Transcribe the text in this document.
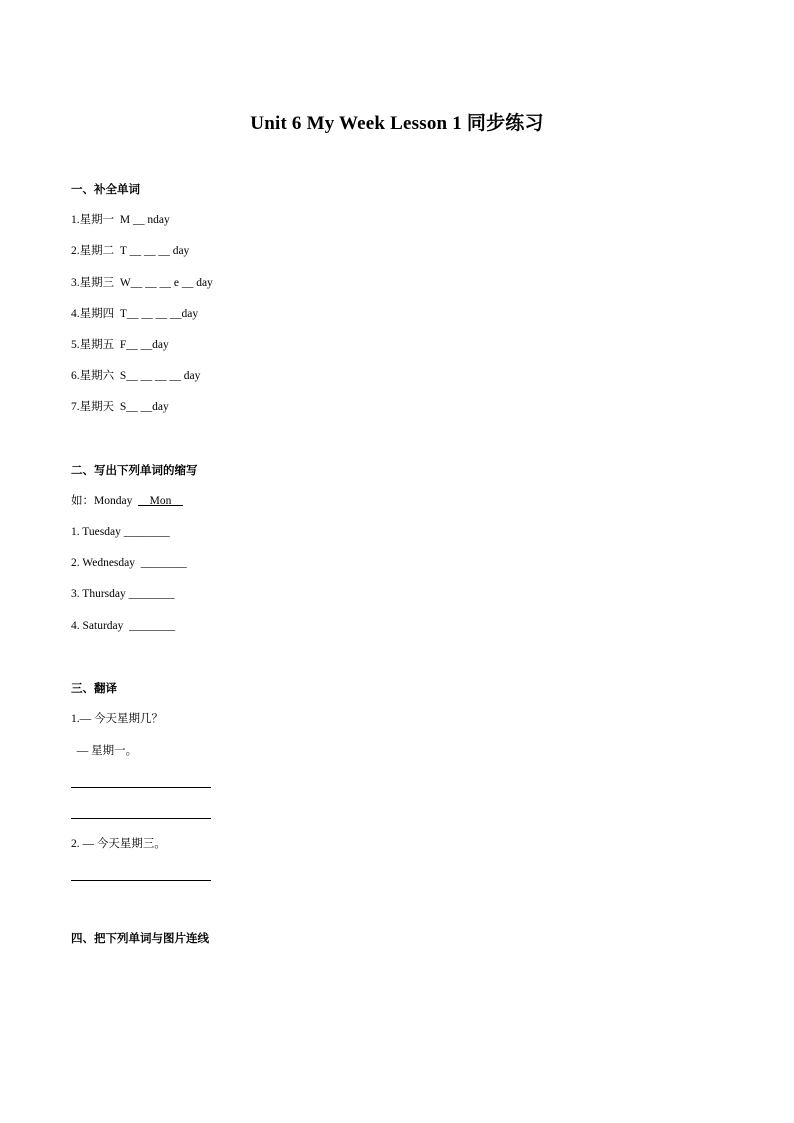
Unit 6 My Week Lesson 1 同步练习
一、补全单词
1.星期一  M __ nday
2.星期二  T __ __ __ day
3.星期三  W__ __ __ e __ day
4.星期四  T__ __ __ __day
5.星期五  F__ __day
6.星期六  S__ __ __ __ day
7.星期天  S__ __day
二、写出下列单词的缩写
如：Monday  __Mon__
1. Tuesday ________
2. Wednesday  ________
3. Thursday ________
4. Saturday  ________
三、翻译
1.— 今天星期几？
— 星期一。
2. — 今天星期三。
四、把下列单词与图片连线
